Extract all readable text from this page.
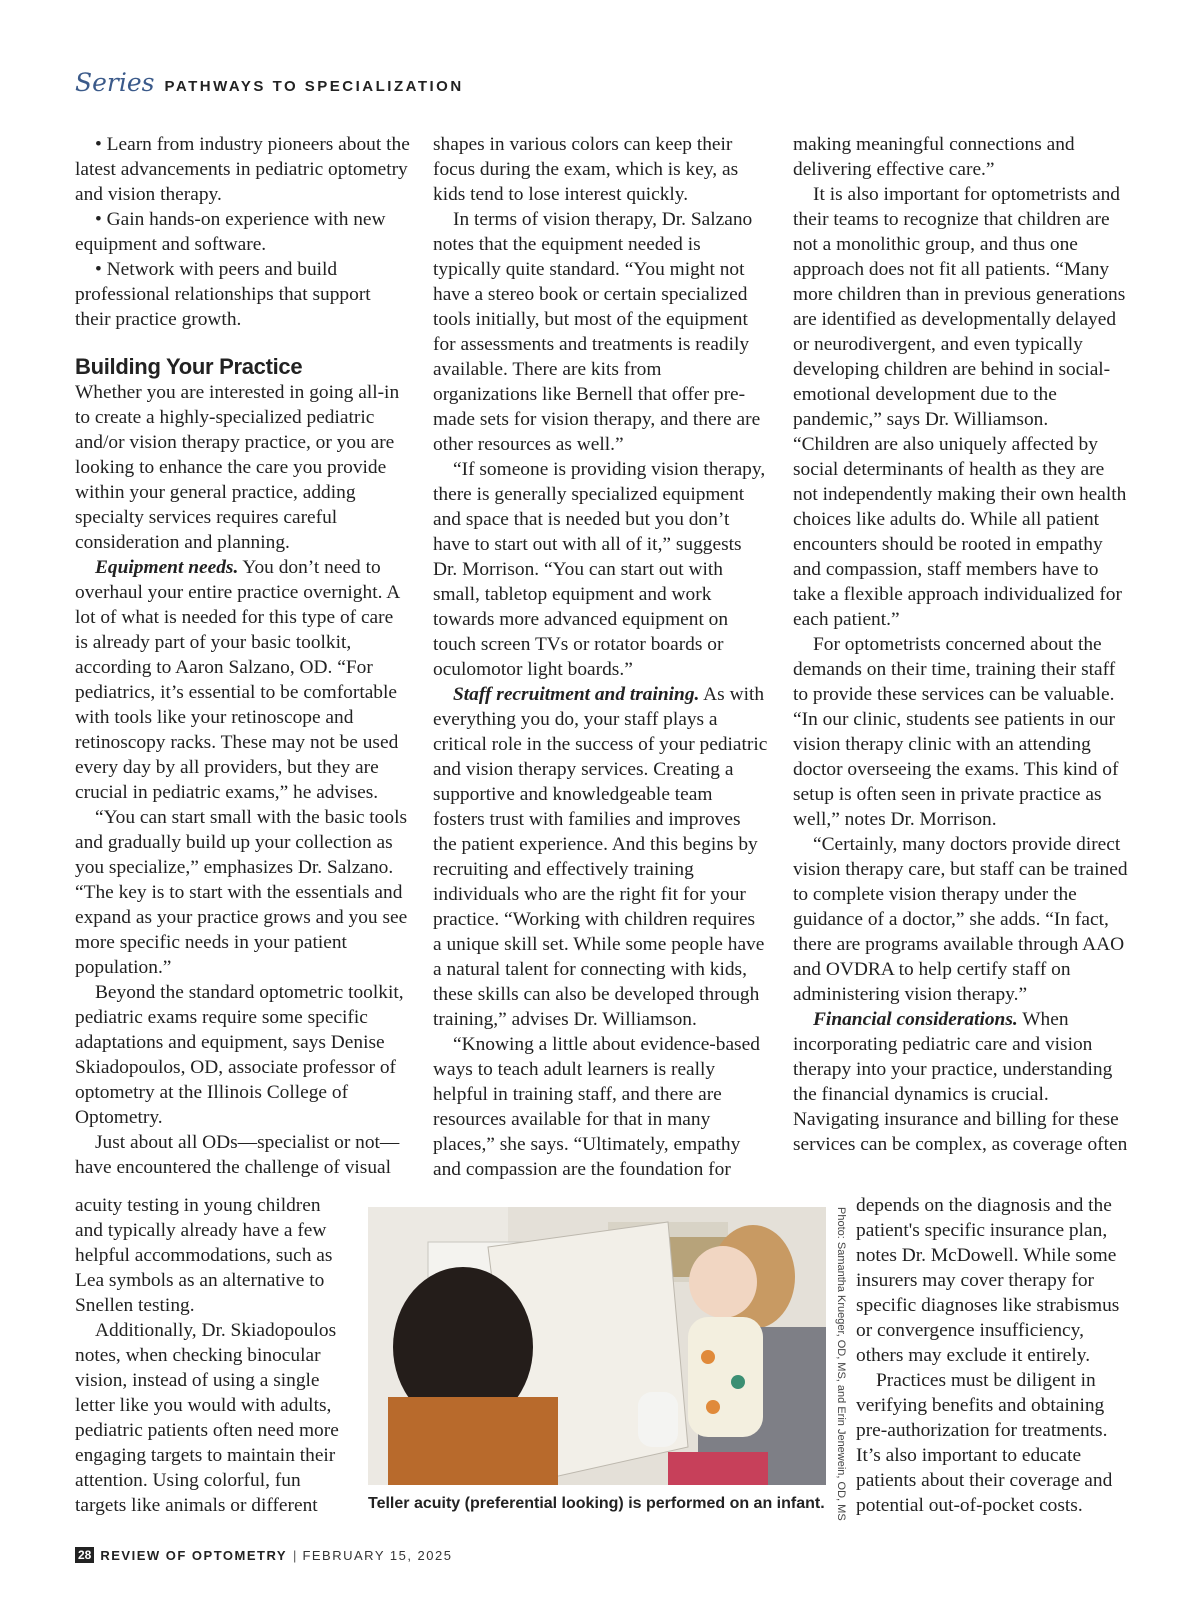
Series PATHWAYS TO SPECIALIZATION
• Learn from industry pioneers about the latest advancements in pediatric optometry and vision therapy.
• Gain hands-on experience with new equipment and software.
• Network with peers and build professional relationships that support their practice growth.
Building Your Practice

Whether you are interested in going all-in to create a highly-specialized pediatric and/or vision therapy practice, or you are looking to enhance the care you provide within your general practice, adding specialty services requires careful consideration and planning.

Equipment needs. You don’t need to overhaul your entire practice overnight. A lot of what is needed for this type of care is already part of your basic toolkit, according to Aaron Salzano, OD. “For pediatrics, it’s essential to be comfortable with tools like your retinoscope and retinoscopy racks. These may not be used every day by all providers, but they are crucial in pediatric exams,” he advises.

“You can start small with the basic tools and gradually build up your collection as you specialize,” emphasizes Dr. Salzano. “The key is to start with the essentials and expand as your practice grows and you see more specific needs in your patient population.”

Beyond the standard optometric toolkit, pediatric exams require some specific adaptations and equipment, says Denise Skiadopoulos, OD, associate professor of optometry at the Illinois College of Optometry.

Just about all ODs—specialist or not—have encountered the challenge of visual

acuity testing in young children and typically already have a few helpful accommodations, such as Lea symbols as an alternative to Snellen testing.

Additionally, Dr. Skiadopoulos notes, when checking binocular vision, instead of using a single letter like you would with adults, pediatric patients often need more engaging targets to maintain their attention. Using colorful, fun targets like animals or different

shapes in various colors can keep their focus during the exam, which is key, as kids tend to lose interest quickly.

In terms of vision therapy, Dr. Salzano notes that the equipment needed is typically quite standard. “You might not have a stereo book or certain specialized tools initially, but most of the equipment for assessments and treatments is readily available. There are kits from organizations like Bernell that offer pre-made sets for vision therapy, and there are other resources as well.”

“If someone is providing vision therapy, there is generally specialized equipment and space that is needed but you don’t have to start out with all of it,” suggests Dr. Morrison. “You can start out with small, tabletop equipment and work towards more advanced equipment on touch screen TVs or rotator boards or oculomotor light boards.”

Staff recruitment and training. As with everything you do, your staff plays a critical role in the success of your pediatric and vision therapy services. Creating a supportive and knowledgeable team fosters trust with families and improves the patient experience. And this begins by recruiting and effectively training individuals who are the right fit for your practice. “Working with children requires a unique skill set. While some people have a natural talent for connecting with kids, these skills can also be developed through training,” advises Dr. Williamson.

“Knowing a little about evidence-based ways to teach adult learners is really helpful in training staff, and there are resources available for that in many places,” she says. “Ultimately, empathy and compassion are the foundation for

making meaningful connections and delivering effective care.”

It is also important for optometrists and their teams to recognize that children are not a monolithic group, and thus one approach does not fit all patients. “Many more children than in previous generations are identified as developmentally delayed or neurodivergent, and even typically developing children are behind in social-emotional development due to the pandemic,” says Dr. Williamson. “Children are also uniquely affected by social determinants of health as they are not independently making their own health choices like adults do. While all patient encounters should be rooted in empathy and compassion, staff members have to take a flexible approach individualized for each patient.”

For optometrists concerned about the demands on their time, training their staff to provide these services can be valuable. “In our clinic, students see patients in our vision therapy clinic with an attending doctor overseeing the exams. This kind of setup is often seen in private practice as well,” notes Dr. Morrison.

“Certainly, many doctors provide direct vision therapy care, but staff can be trained to complete vision therapy under the guidance of a doctor,” she adds. “In fact, there are programs available through AAO and OVDRA to help certify staff on administering vision therapy.”

Financial considerations. When incorporating pediatric care and vision therapy into your practice, understanding the financial dynamics is crucial. Navigating insurance and billing for these services can be complex, as coverage often

depends on the diagnosis and the patient's specific insurance plan, notes Dr. McDowell. While some insurers may cover therapy for specific diagnoses like strabismus or convergence insufficiency, others may exclude it entirely.

Practices must be diligent in verifying benefits and obtaining pre-authorization for treatments. It’s also important to educate patients about their coverage and potential out-of-pocket costs.

Photo: Samantha Krueger, OD, MS, and Erin Jenewein, OD, MS
Teller acuity (preferential looking) is performed on an infant.
28 REVIEW OF OPTOMETRY | FEBRUARY 15, 2025
